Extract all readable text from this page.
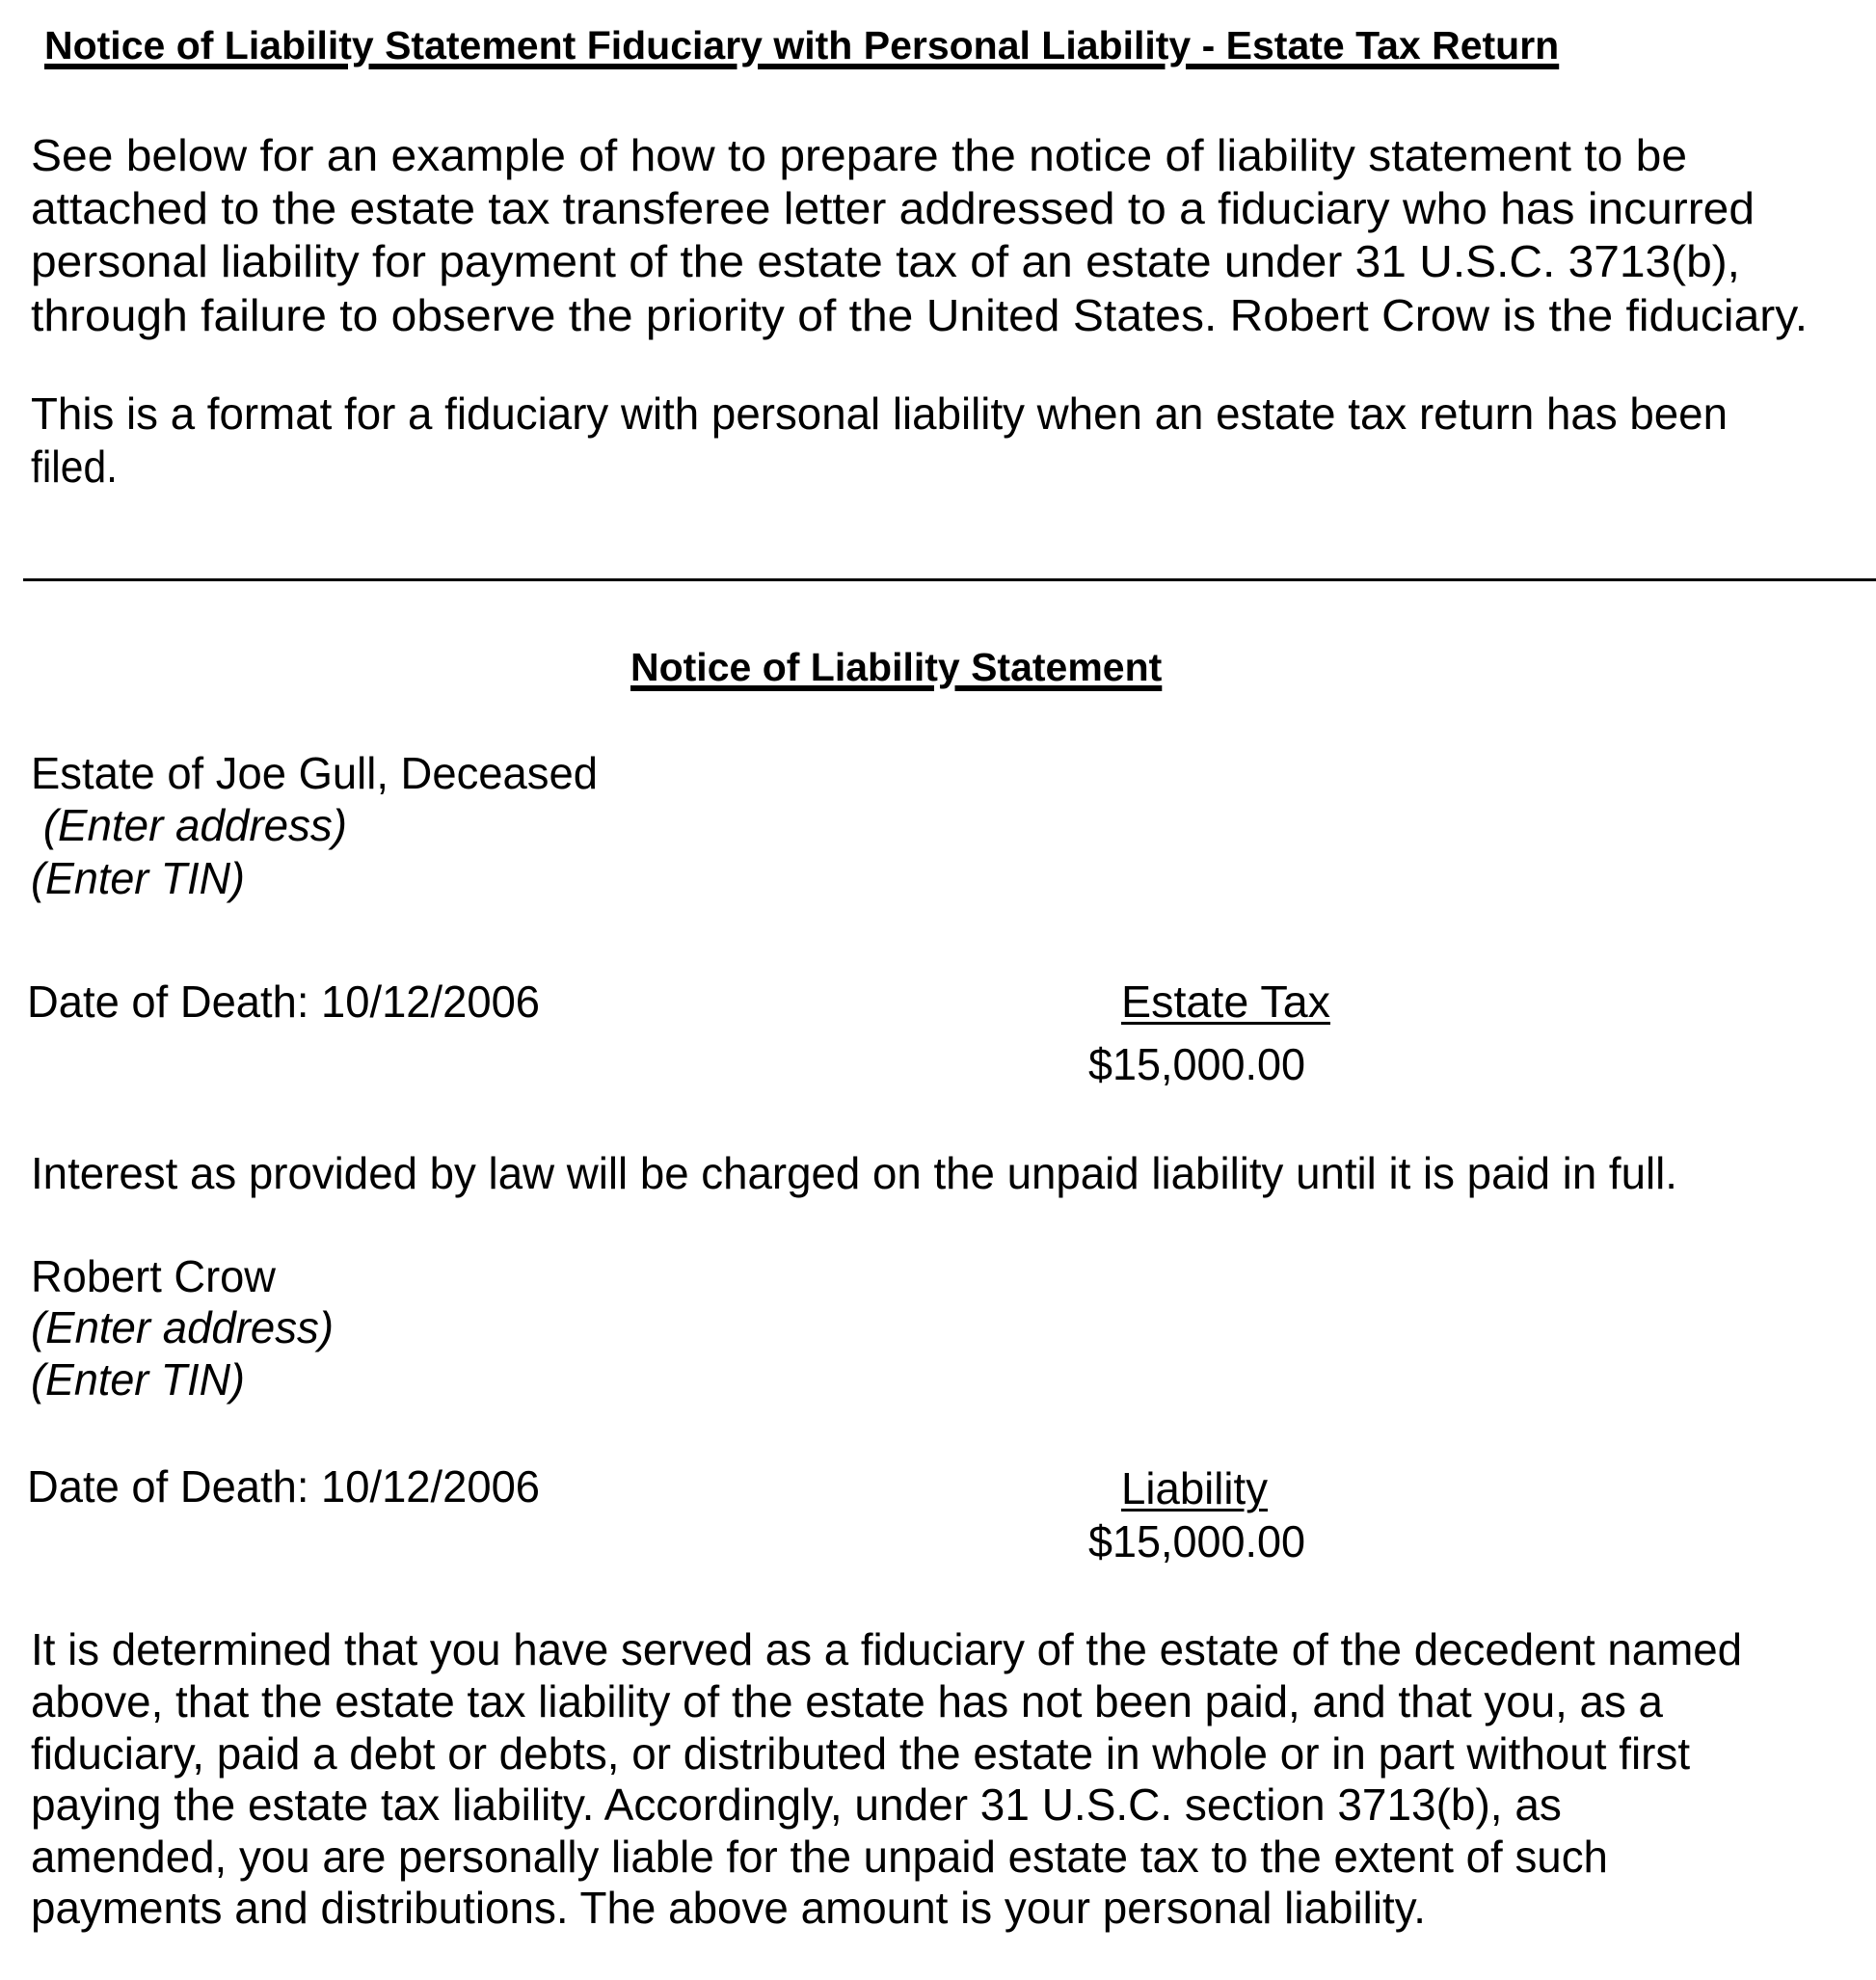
Notice of Liability Statement Fiduciary with Personal Liability - Estate Tax Return
See below for an example of how to prepare the notice of liability statement to be
attached to the estate tax transferee letter addressed to a fiduciary who has incurred
personal liability for payment of the estate tax of an estate under 31 U.S.C. 3713(b),
through failure to observe the priority of the United States. Robert Crow is the fiduciary.
This is a format for a fiduciary with personal liability when an estate tax return has been
filed.
Notice of Liability Statement
Estate of Joe Gull, Deceased
(Enter address)
(Enter TIN)
Date of Death: 10/12/2006	Estate Tax
$15,000.00
Interest as provided by law will be charged on the unpaid liability until it is paid in full.
Robert Crow
(Enter address)
(Enter TIN)
Date of Death: 10/12/2006	Liability
$15,000.00
It is determined that you have served as a fiduciary of the estate of the decedent named
above, that the estate tax liability of the estate has not been paid, and that you, as a
fiduciary, paid a debt or debts, or distributed the estate in whole or in part without first
paying the estate tax liability. Accordingly, under 31 U.S.C. section 3713(b), as
amended, you are personally liable for the unpaid estate tax to the extent of such
payments and distributions. The above amount is your personal liability.
